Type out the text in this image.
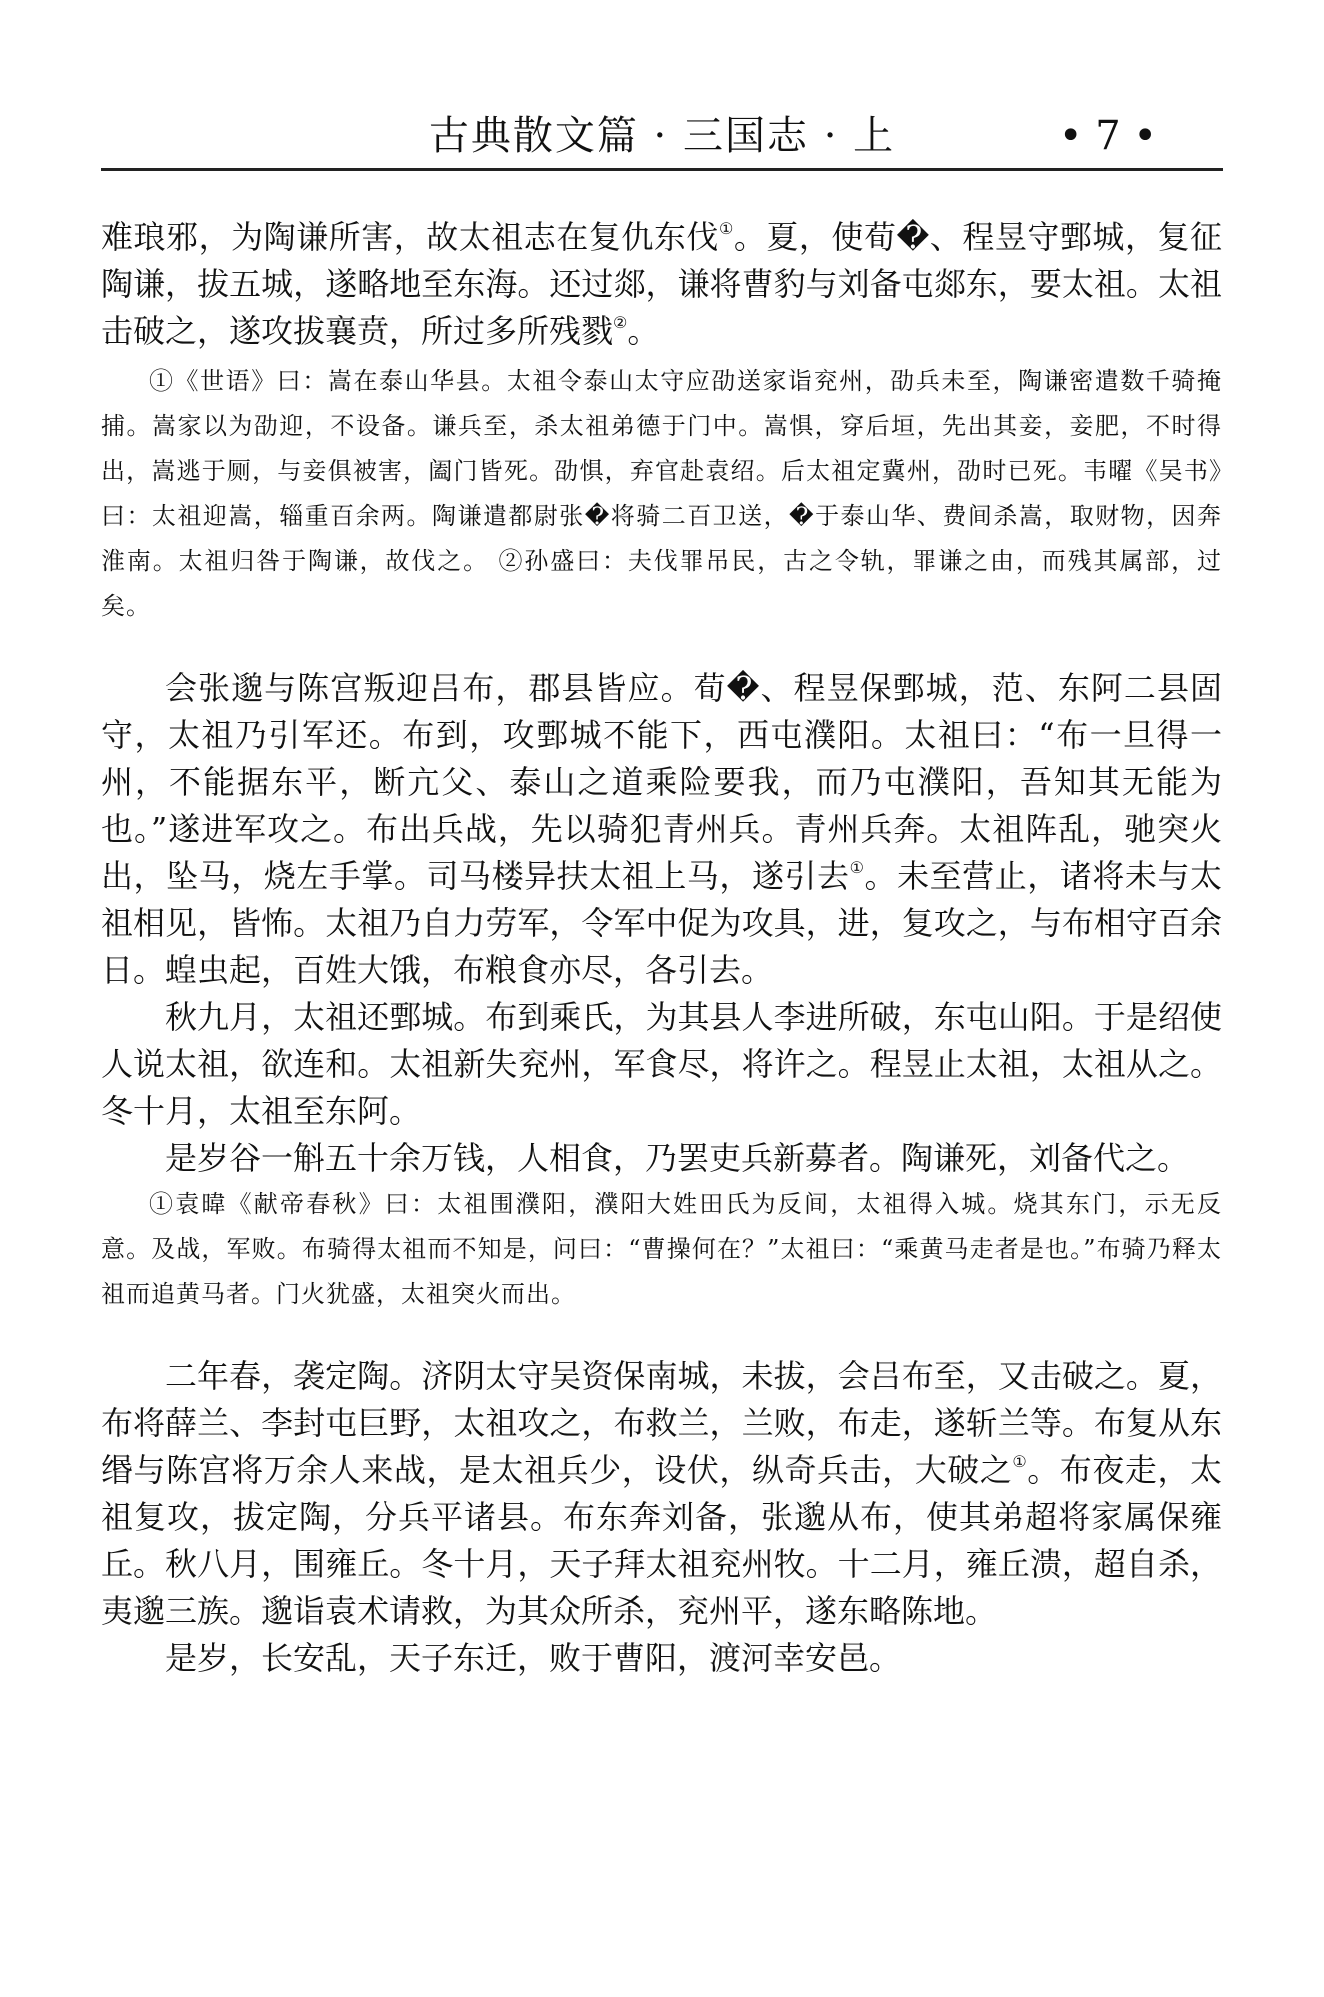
古典散文篇 · 三国志 · 上	• 7 •

难琅邪，为陶谦所害，故太祖志在复仇东伐①。夏，使荀�、程昱守鄄城，复征陶谦，拔五城，遂略地至东海。还过郯，谦将曹豹与刘备屯郯东，要太祖。太祖击破之，遂攻拔襄贲，所过多所残戮②。

①《世语》曰：嵩在泰山华县。太祖令泰山太守应劭送家诣兖州，劭兵未至，陶谦密遣数千骑掩捕。嵩家以为劭迎，不设备。谦兵至，杀太祖弟德于门中。嵩惧，穿后垣，先出其妾，妾肥，不时得出，嵩逃于厕，与妾俱被害，阖门皆死。劭惧，弃官赴袁绍。后太祖定冀州，劭时已死。韦曜《吴书》曰：太祖迎嵩，辎重百余两。陶谦遣都尉张�将骑二百卫送，�于泰山华、费间杀嵩，取财物，因奔淮南。太祖归咎于陶谦，故伐之。 ②孙盛曰：夫伐罪吊民，古之令轨，罪谦之由，而残其属部，过矣。

会张邈与陈宫叛迎吕布，郡县皆应。荀�、程昱保鄄城，范、东阿二县固守，太祖乃引军还。布到，攻鄄城不能下，西屯濮阳。太祖曰：“布一旦得一州，不能据东平，断亢父、泰山之道乘险要我，而乃屯濮阳，吾知其无能为也。”遂进军攻之。布出兵战，先以骑犯青州兵。青州兵奔。太祖阵乱，驰突火出，坠马，烧左手掌。司马楼异扶太祖上马，遂引去①。未至营止，诸将未与太祖相见，皆怖。太祖乃自力劳军，令军中促为攻具，进，复攻之，与布相守百余日。蝗虫起，百姓大饿，布粮食亦尽，各引去。

秋九月，太祖还鄄城。布到乘氏，为其县人李进所破，东屯山阳。于是绍使人说太祖，欲连和。太祖新失兖州，军食尽，将许之。程昱止太祖，太祖从之。冬十月，太祖至东阿。

是岁谷一斛五十余万钱，人相食，乃罢吏兵新募者。陶谦死，刘备代之。

①袁暐《献帝春秋》曰：太祖围濮阳，濮阳大姓田氏为反间，太祖得入城。烧其东门，示无反意。及战，军败。布骑得太祖而不知是，问曰：“曹操何在？”太祖曰：“乘黄马走者是也。”布骑乃释太祖而追黄马者。门火犹盛，太祖突火而出。

二年春，袭定陶。济阴太守吴资保南城，未拔，会吕布至，又击破之。夏，布将薛兰、李封屯巨野，太祖攻之，布救兰，兰败，布走，遂斩兰等。布复从东缗与陈宫将万余人来战，是太祖兵少，设伏，纵奇兵击，大破之①。布夜走，太祖复攻，拔定陶，分兵平诸县。布东奔刘备，张邈从布，使其弟超将家属保雍丘。秋八月，围雍丘。冬十月，天子拜太祖兖州牧。十二月，雍丘溃，超自杀，夷邈三族。邈诣袁术请救，为其众所杀，兖州平，遂东略陈地。

是岁，长安乱，天子东迁，败于曹阳，渡河幸安邑。
